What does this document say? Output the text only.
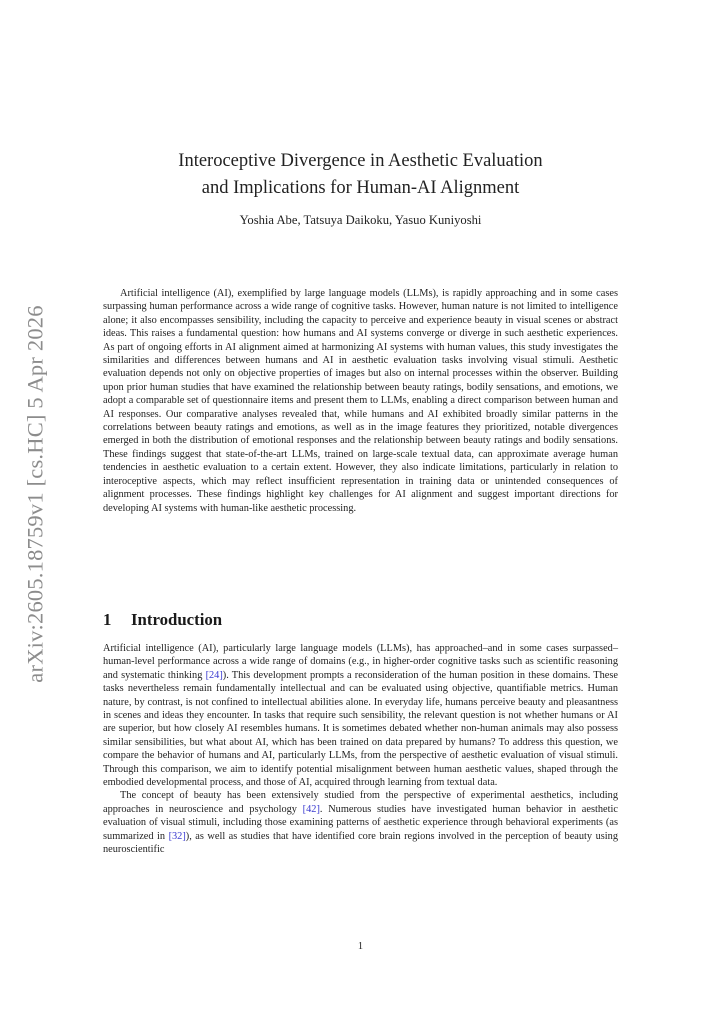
arXiv:2605.18759v1 [cs.HC] 5 Apr 2026
Interoceptive Divergence in Aesthetic Evaluation
and Implications for Human-AI Alignment
Yoshia Abe, Tatsuya Daikoku, Yasuo Kuniyoshi

Artificial intelligence (AI), exemplified by large language models (LLMs), is rapidly approaching and in some cases surpassing human performance across a wide range of cognitive tasks. However, human nature is not limited to intelligence alone; it also encompasses sensibility, including the capacity to perceive and experience beauty in visual scenes or abstract ideas. This raises a fundamental question: how humans and AI systems converge or diverge in such aesthetic experiences. As part of ongoing efforts in AI alignment aimed at harmonizing AI systems with human values, this study investigates the similarities and differences between humans and AI in aesthetic evaluation tasks involving visual stimuli. Aesthetic evaluation depends not only on objective properties of images but also on internal processes within the observer. Building upon prior human studies that have examined the relationship between beauty ratings, bodily sensations, and emotions, we adopt a comparable set of questionnaire items and present them to LLMs, enabling a direct comparison between human and AI responses. Our comparative analyses revealed that, while humans and AI exhibited broadly similar patterns in the correlations between beauty ratings and emotions, as well as in the image features they prioritized, notable divergences emerged in both the distribution of emotional responses and the relationship between beauty ratings and bodily sensations. These findings suggest that state-of-the-art LLMs, trained on large-scale textual data, can approximate average human tendencies in aesthetic evaluation to a certain extent. However, they also indicate limitations, particularly in relation to interoceptive aspects, which may reflect insufficient representation in training data or unintended consequences of alignment processes. These findings highlight key challenges for AI alignment and suggest important directions for developing AI systems with human-like aesthetic processing.

1 Introduction

Artificial intelligence (AI), particularly large language models (LLMs), has approached–and in some cases surpassed–human-level performance across a wide range of domains (e.g., in higher-order cognitive tasks such as scientific reasoning and systematic thinking [24]). This development prompts a reconsideration of the human position in these domains. These tasks nevertheless remain fundamentally intellectual and can be evaluated using objective, quantifiable metrics. Human nature, by contrast, is not confined to intellectual abilities alone. In everyday life, humans perceive beauty and pleasantness in scenes and ideas they encounter. In tasks that require such sensibility, the relevant question is not whether humans or AI are superior, but how closely AI resembles humans. It is sometimes debated whether non-human animals may also possess similar sensibilities, but what about AI, which has been trained on data prepared by humans? To address this question, we compare the behavior of humans and AI, particularly LLMs, from the perspective of aesthetic evaluation of visual stimuli. Through this comparison, we aim to identify potential misalignment between human aesthetic values, shaped through the embodied developmental process, and those of AI, acquired through learning from textual data.

The concept of beauty has been extensively studied from the perspective of experimental aesthetics, including approaches in neuroscience and psychology [42]. Numerous studies have investigated human behavior in aesthetic evaluation of visual stimuli, including those examining patterns of aesthetic experience through behavioral experiments (as summarized in [32]), as well as studies that have identified core brain regions involved in the perception of beauty using neuroscientific

1
